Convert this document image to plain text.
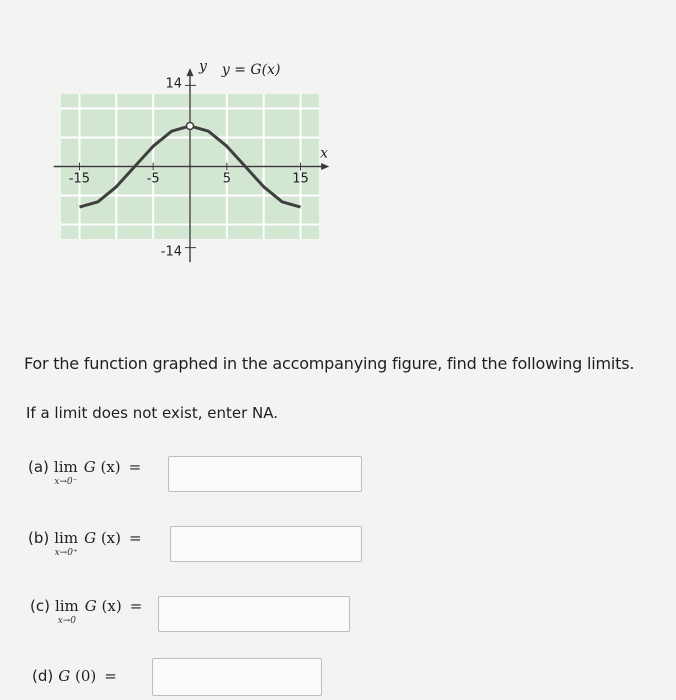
-15	-5	5	15
14
-14
x
y y = G(x)
For the function graphed in the accompanying figure, find the following limits.
If a limit does not exist, enter NA.
(a) lim
x→0⁻
G (x) =
(b) lim
x→0⁺
G (x) =
(c) lim
x→0
G (x) =
(d) G (0) =
